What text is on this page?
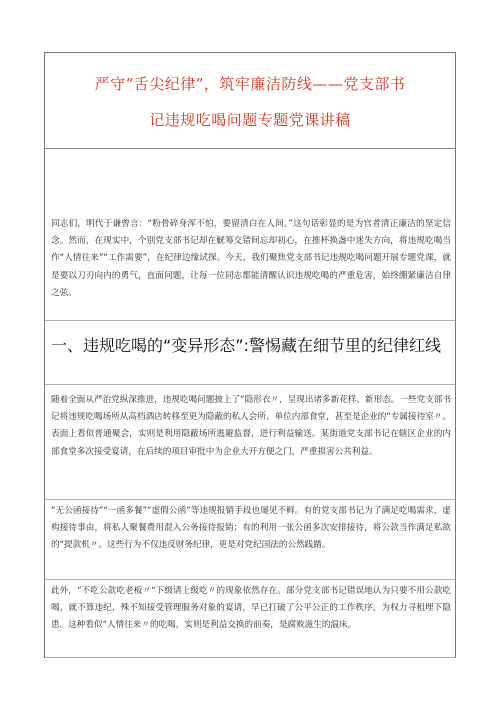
严守“舌尖纪律”，筑牢廉洁防线——党支部书
记违规吃喝问题专题党课讲稿

同志们，明代于谦曾言：“粉骨碎身浑不怕，要留清白在人间。”这句话彰显的是为官者清正廉洁的坚定信念。然而，在现实中，个别党支部书记却在觥筹交错间忘却初心，在推杯换盏中迷失方向，将违规吃喝当作“人情往来”“工作需要”，在纪律边缘试探。今天，我们聚焦党支部书记违规吃喝问题开展专题党课，就是要以刀刃向内的勇气，直面问题，让每一位同志都能清醒认识违规吃喝的严重危害，始终绷紧廉洁自律之弦。

一、违规吃喝的“变异形态”:警惕藏在细节里的纪律红线

随着全面从严治党纵深推进，违规吃喝问题披上了“隐形衣〃，呈现出诸多新花样、新形态。一些党支部书记将违规吃喝场所从高档酒店转移至更为隐蔽的私人会所、单位内部食堂，甚至是企业的“专属接待室〃。表面上看似普通聚会，实则是利用隐蔽场所逃避监督，进行利益输送。某街道党支部书记在辖区企业的内部食堂多次接受宴请，在后续的项目审批中为企业大开方便之门，严重损害公共利益。

“无公函接待”“一函多餐”“虚假公函”等违规报销手段也屡见不鲜。有的党支部书记为了满足吃喝需求，虚构接待事由，将私人聚餐费用混入公务接待报销；有的利用一张公函多次安排接待，将公款当作满足私欲的“提款机〃。这些行为不仅违反财务纪律，更是对党纪国法的公然践踏。

此外，“不吃公款吃老板〃“下级请上级吃〃的现象依然存在。部分党支部书记错误地认为只要不用公款吃喝，就不算违纪，殊不知接受管理服务对象的宴请，早已打破了公平公正的工作秩序，为权力寻租埋下隐患。这种看似“人情往来〃的吃喝，实则是利益交换的前奏，是腐败滋生的温床。
